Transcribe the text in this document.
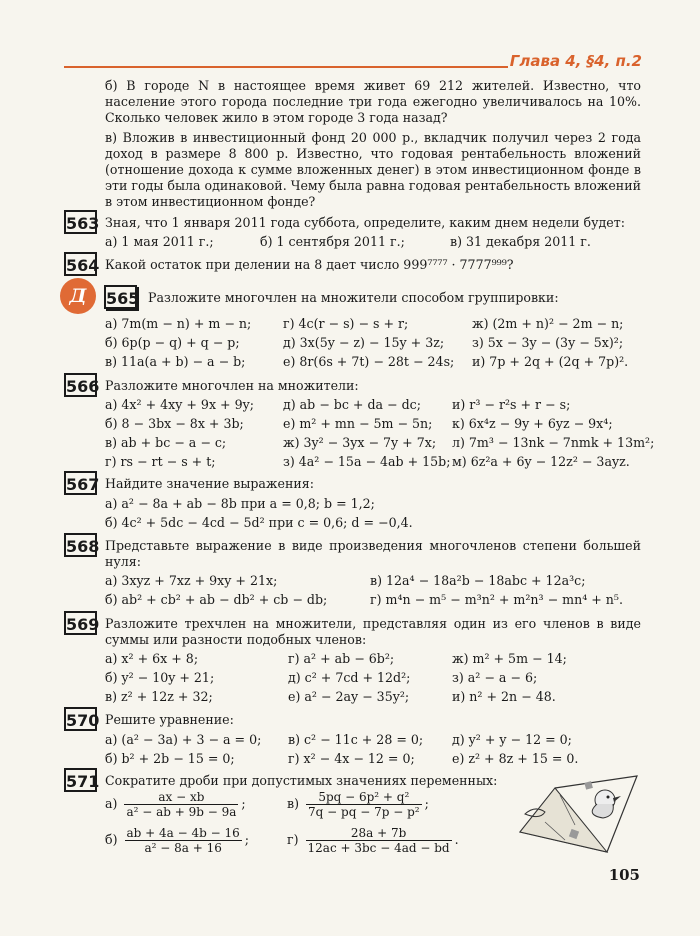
Глава 4, §4, п.2
б) В городе N в настоящее время живет 69 212 жителей. Известно, что население этого города последние три года ежегодно увеличивалось на 10%. Сколько человек жило в этом городе 3 года назад?
в) Вложив в инвестиционный фонд 20 000 р., вкладчик получил через 2 года доход в размере 8 800 р. Известно, что годовая рентабельность вложений (отношение дохода к сумме вложенных денег) в этом инвестиционном фонде в эти годы была одинаковой. Чему была равна годовая рентабельность вложений в этом инвестиционном фонде?
563 Зная, что 1 января 2011 года суббота, определите, каким днем недели будет:
а) 1 мая 2011 г.;	б) 1 сентября 2011 г.;	в) 31 декабря 2011 г.
564 Какой остаток при делении на 8 дает число 999⁷⁷⁷⁷ · 7777⁹⁹⁹?
Д	565 Разложите многочлен на множители способом группировки:
а) 7m(m − n) + m − n;	г) 4c(r − s) − s + r;	ж) (2m + n)² − 2m − n;
б) 6p(p − q) + q − p;	д) 3x(5y − z) − 15y + 3z; з) 5x − 3y − (3y − 5x)²;
в) 11a(a + b) − a − b;	е) 8r(6s + 7t) − 28t − 24s; и) 7p + 2q + (2q + 7p)².
566 Разложите многочлен на множители:
а) 4x² + 4xy + 9x + 9y; д) ab − bc + da − dc; и) r³ − r²s + r − s;
б) 8 − 3bx − 8x + 3b;	е) m² + mn − 5m − 5n; к) 6x⁴z − 9y + 6yz − 9x⁴;
в) ab + bc − a − c;	ж) 3y² − 3yx − 7y + 7x; л) 7m³ − 13nk − 7nmk + 13m²;
г) rs − rt − s + t;	з) 4a² − 15a − 4ab + 15b; м) 6z²a + 6y − 12z² − 3ayz.
567 Найдите значение выражения:
а) a² − 8a + ab − 8b при a = 0,8; b = 1,2;
б) 4c² + 5dc − 4cd − 5d² при c = 0,6; d = −0,4.
568 Представьте выражение в виде произведения многочленов степени большей нуля:
а) 3xyz + 7xz + 9xy + 21x;	в) 12a⁴ − 18a²b − 18abc + 12a³c;
б) ab² + cb² + ab − db² + cb − db;	г) m⁴n − m⁵ − m³n² + m²n³ − mn⁴ + n⁵.
569 Разложите трехчлен на множители, представляя один из его членов в виде суммы или разности подобных членов:
а) x² + 6x + 8;	г) a² + ab − 6b²;	ж) m² + 5m − 14;
б) y² − 10y + 21;	д) c² + 7cd + 12d²;	з) a² − a − 6;
в) z² + 12z + 32;	е) a² − 2ay − 35y²;	и) n² + 2n − 48.
570 Решите уравнение:
а) (a² − 3a) + 3 − a = 0; в) c² − 11c + 28 = 0; д) y² + y − 12 = 0;
б) b² + 2b − 15 = 0;	г) x² − 4x − 12 = 0;	е) z² + 8z + 15 = 0.
571 Сократите дроби при допустимых значениях переменных:
$а) \frac{ax - xb}{\text{a² − ab + 9b − 9a}}$ ;	$в) \frac{\text{5pq − 6p² + q²}}{\text{7q − pq − 7p − p²}}$ ;
$б) \frac{ab + 4a - 4b - 16}{\text{a² − 8a + 16}}$ ;	$г) \frac{28a + 7b}{12ac + 3bc - 4ad - bd}$ .
105
